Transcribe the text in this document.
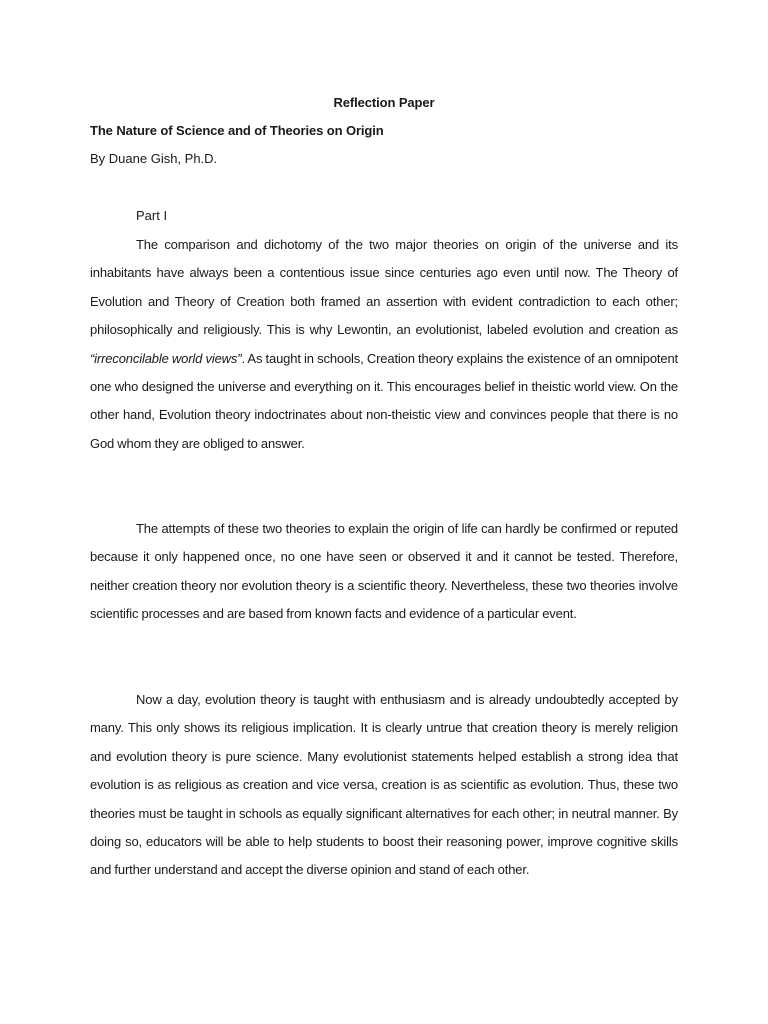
Reflection Paper
The Nature of Science and of Theories on Origin
By Duane Gish, Ph.D.
Part I

The comparison and dichotomy of the two major theories on origin of the universe and its inhabitants have always been a contentious issue since centuries ago even until now. The Theory of Evolution and Theory of Creation both framed an assertion with evident contradiction to each other; philosophically and religiously. This is why Lewontin, an evolutionist, labeled evolution and creation as “irreconcilable world views”. As taught in schools, Creation theory explains the existence of an omnipotent one who designed the universe and everything on it. This encourages belief in theistic world view. On the other hand, Evolution theory indoctrinates about non-theistic view and convinces people that there is no God whom they are obliged to answer.

The attempts of these two theories to explain the origin of life can hardly be confirmed or reputed because it only happened once, no one have seen or observed it and it cannot be tested. Therefore, neither creation theory nor evolution theory is a scientific theory. Nevertheless, these two theories involve scientific processes and are based from known facts and evidence of a particular event.

Now a day, evolution theory is taught with enthusiasm and is already undoubtedly accepted by many. This only shows its religious implication. It is clearly untrue that creation theory is merely religion and evolution theory is pure science. Many evolutionist statements helped establish a strong idea that evolution is as religious as creation and vice versa, creation is as scientific as evolution. Thus, these two theories must be taught in schools as equally significant alternatives for each other; in neutral manner. By doing so, educators will be able to help students to boost their reasoning power, improve cognitive skills and further understand and accept the diverse opinion and stand of each other.
